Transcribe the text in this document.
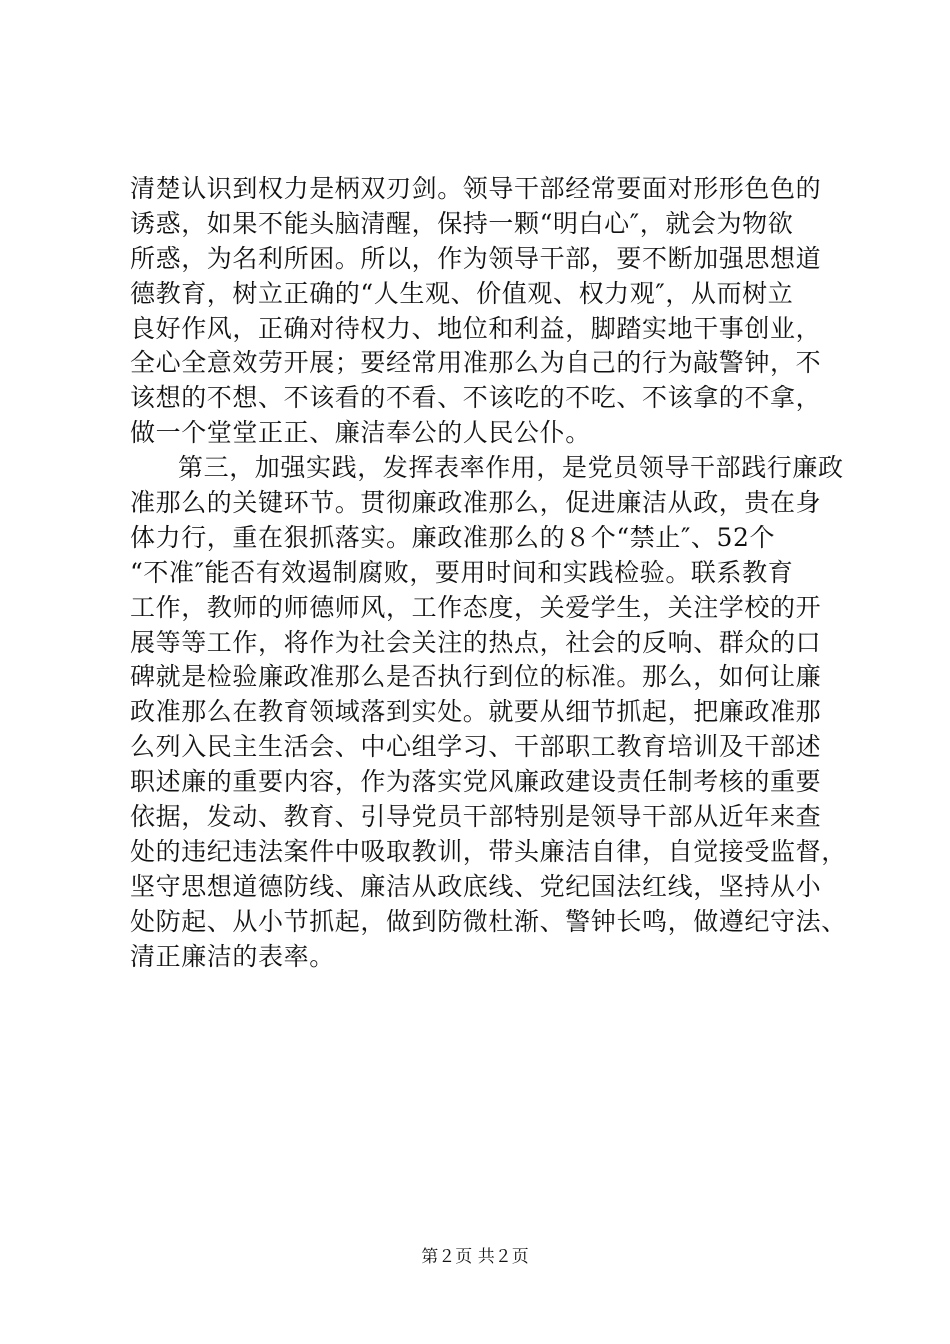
清楚认识到权力是柄双刃剑。领导干部经常要面对形形色色的
诱惑，如果不能头脑清醒，保持一颗“明白心″，就会为物欲
所惑，为名利所困。所以，作为领导干部，要不断加强思想道
德教育，树立正确的“人生观、价值观、权力观″，从而树立
良好作风，正确对待权力、地位和利益，脚踏实地干事创业，
全心全意效劳开展；要经常用准那么为自己的行为敲警钟，不
该想的不想、不该看的不看、不该吃的不吃、不该拿的不拿，
做一个堂堂正正、廉洁奉公的人民公仆。
第三，加强实践，发挥表率作用，是党员领导干部践行廉政
准那么的关键环节。贯彻廉政准那么，促进廉洁从政，贵在身
体力行，重在狠抓落实。廉政准那么的８个“禁止″、52个
“不准″能否有效遏制腐败，要用时间和实践检验。联系教育
工作，教师的师德师风，工作态度，关爱学生，关注学校的开
展等等工作，将作为社会关注的热点，社会的反响、群众的口
碑就是检验廉政准那么是否执行到位的标准。那么，如何让廉
政准那么在教育领域落到实处。就要从细节抓起，把廉政准那
么列入民主生活会、中心组学习、干部职工教育培训及干部述
职述廉的重要内容，作为落实党风廉政建设责任制考核的重要
依据，发动、教育、引导党员干部特别是领导干部从近年来查
处的违纪违法案件中吸取教训，带头廉洁自律，自觉接受监督，
坚守思想道德防线、廉洁从政底线、党纪国法红线，坚持从小
处防起、从小节抓起，做到防微杜渐、警钟长鸣，做遵纪守法、
清正廉洁的表率。
第２页 共２页
